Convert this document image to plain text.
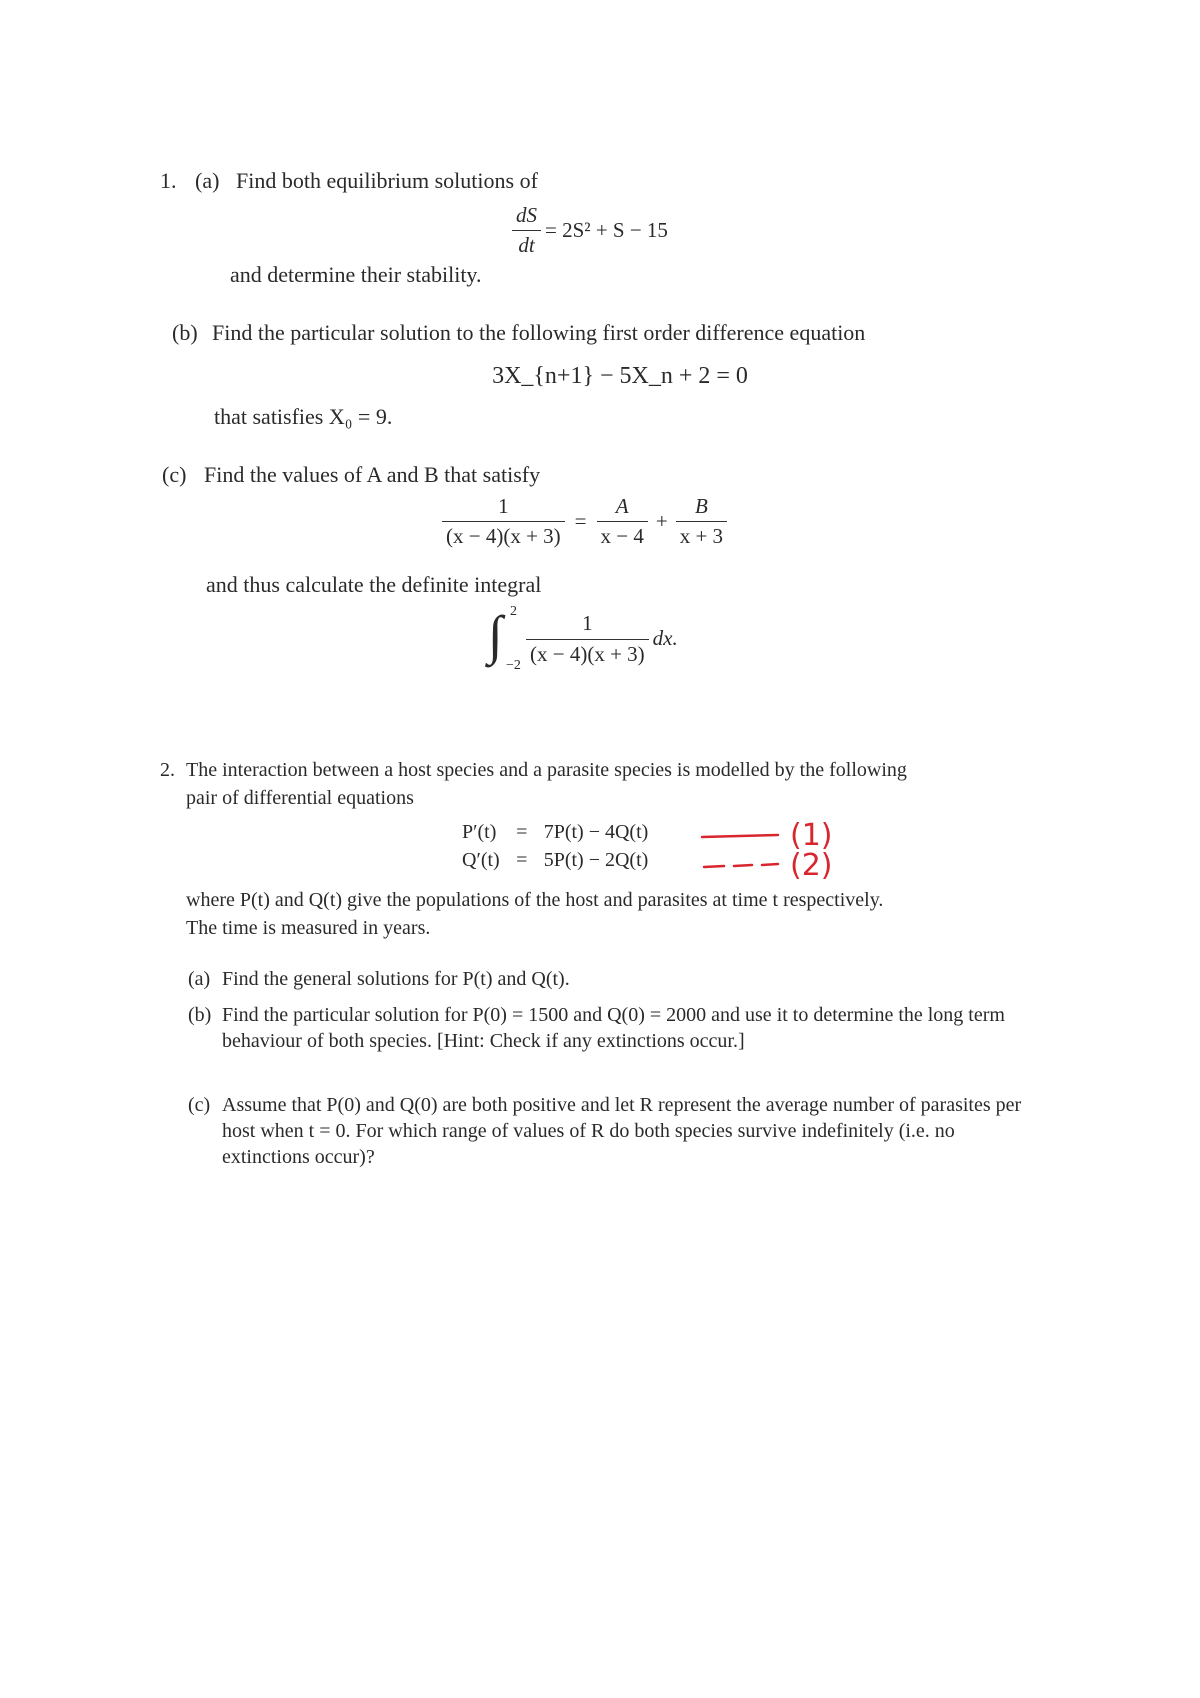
1. (a) Find both equilibrium solutions of
$\frac{dS}{dt} = 2S^2 + S - 15$
and determine their stability.
(b) Find the particular solution to the following first order difference equation
3X_{n+1} − 5X_n + 2 = 0
that satisfies X₀ = 9.
(c) Find the values of A and B that satisfy
$\frac{1}{(x - 4)(x + 3)} = \frac{A}{x - 4} + \frac{B}{x + 3}$
and thus calculate the definite integral
∫ 2
$-2 \frac{1}{(x - 4)(x + 3)}$ dx.
2. The interaction between a host species and a parasite species is modelled by the following
pair of differential equations
P′(t) = 7P(t) − 4Q(t)
Q′(t) = 5P(t) − 2Q(t)
(1)
(2)
where P(t) and Q(t) give the populations of the host and parasites at time t respectively.
The time is measured in years.
(a) Find the general solutions for P(t) and Q(t).
(b) Find the particular solution for P(0) = 1500 and Q(0) = 2000 and use it to determine the long term behaviour of both species. [Hint: Check if any extinctions occur.]
(c) Assume that P(0) and Q(0) are both positive and let R represent the average number of parasites per host when t = 0. For which range of values of R do both species survive indefinitely (i.e. no extinctions occur)?
